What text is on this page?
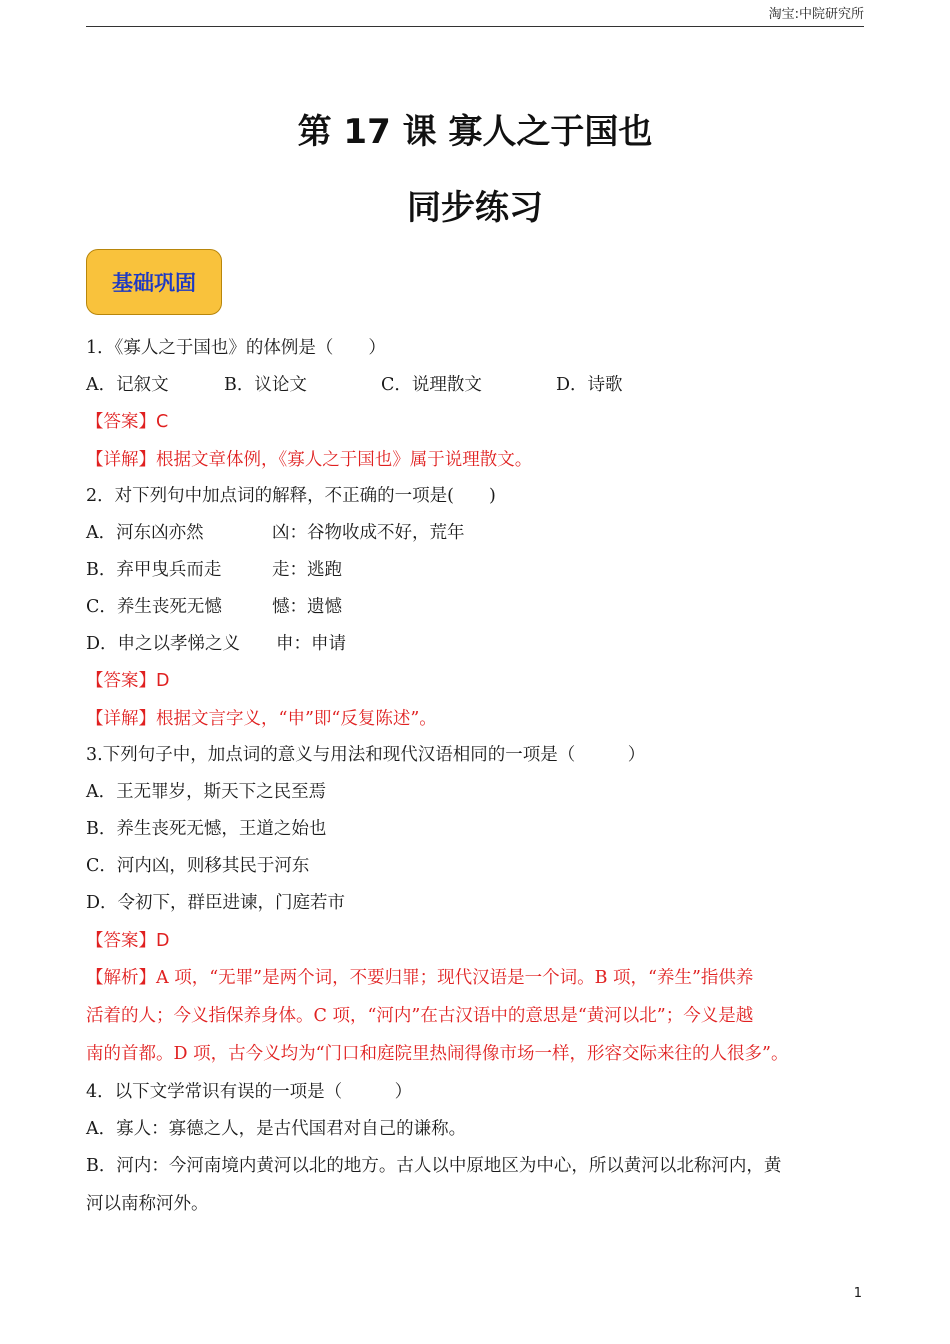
淘宝:中院研究所
第 17 课 寡人之于国也
同步练习
基础巩固
1．《寡人之于国也》的体例是（　　）
A．记叙文	B．议论文	C．说理散文	D．诗歌
【答案】C
【详解】根据文章体例，《寡人之于国也》属于说理散文。
2．对下列句中加点词的解释，不正确的一项是(　　)
A．河东凶亦然	凶：谷物收成不好，荒年
B．弃甲曳兵而走	走：逃跑
C．养生丧死无憾	憾：遗憾
D．申之以孝悌之义 申：申请
【答案】D
【详解】根据文言字义，“申”即“反复陈述”。
3.下列句子中，加点词的意义与用法和现代汉语相同的一项是（　　　）
A．王无罪岁，斯天下之民至焉
B．养生丧死无憾，王道之始也
C．河内凶，则移其民于河东
D．令初下，群臣进谏，门庭若市
【答案】D
【解析】A 项，“无罪”是两个词，不要归罪；现代汉语是一个词。B 项，“养生”指供养
活着的人；今义指保养身体。C 项，“河内”在古汉语中的意思是“黄河以北”；今义是越
南的首都。D 项，古今义均为“门口和庭院里热闹得像市场一样，形容交际来往的人很多”。
4．以下文学常识有误的一项是（　　　）
A．寡人：寡德之人，是古代国君对自己的谦称。
B．河内：今河南境内黄河以北的地方。古人以中原地区为中心，所以黄河以北称河内，黄
河以南称河外。
1
